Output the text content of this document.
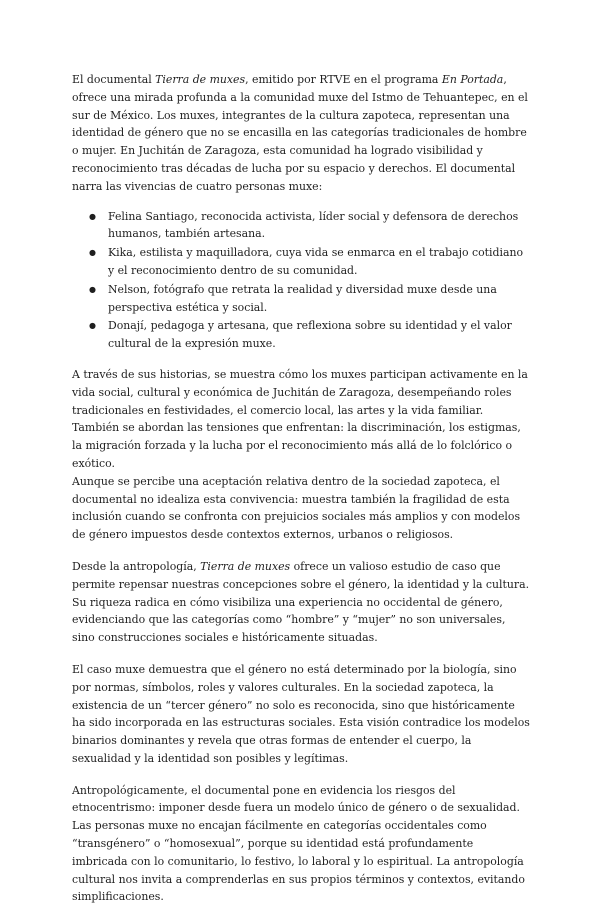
El documental Tierra de muxes, emitido por RTVE en el programa En Portada, ofrece una mirada profunda a la comunidad muxe del Istmo de Tehuantepec, en el sur de México. Los muxes, integrantes de la cultura zapoteca, representan una identidad de género que no se encasilla en las categorías tradicionales de hombre o mujer. En Juchitán de Zaragoza, esta comunidad ha logrado visibilidad y reconocimiento tras décadas de lucha por su espacio y derechos. El documental narra las vivencias de cuatro personas muxe:

● Felina Santiago, reconocida activista, líder social y defensora de derechos humanos, también artesana.
● Kika, estilista y maquilladora, cuya vida se enmarca en el trabajo cotidiano y el reconocimiento dentro de su comunidad.
● Nelson, fotógrafo que retrata la realidad y diversidad muxe desde una perspectiva estética y social.
● Donají, pedagoga y artesana, que reflexiona sobre su identidad y el valor cultural de la expresión muxe.

A través de sus historias, se muestra cómo los muxes participan activamente en la vida social, cultural y económica de Juchitán de Zaragoza, desempeñando roles tradicionales en festividades, el comercio local, las artes y la vida familiar. También se abordan las tensiones que enfrentan: la discriminación, los estigmas, la migración forzada y la lucha por el reconocimiento más allá de lo folclórico o exótico.

Aunque se percibe una aceptación relativa dentro de la sociedad zapoteca, el documental no idealiza esta convivencia: muestra también la fragilidad de esta inclusión cuando se confronta con prejuicios sociales más amplios y con modelos de género impuestos desde contextos externos, urbanos o religiosos.

Desde la antropología, Tierra de muxes ofrece un valioso estudio de caso que permite repensar nuestras concepciones sobre el género, la identidad y la cultura. Su riqueza radica en cómo visibiliza una experiencia no occidental de género, evidenciando que las categorías como “hombre” y “mujer” no son universales, sino construcciones sociales e históricamente situadas.

El caso muxe demuestra que el género no está determinado por la biología, sino por normas, símbolos, roles y valores culturales. En la sociedad zapoteca, la existencia de un “tercer género” no solo es reconocida, sino que históricamente ha sido incorporada en las estructuras sociales. Esta visión contradice los modelos binarios dominantes y revela que otras formas de entender el cuerpo, la sexualidad y la identidad son posibles y legítimas.

Antropológicamente, el documental pone en evidencia los riesgos del etnocentrismo: imponer desde fuera un modelo único de género o de sexualidad. Las personas muxe no encajan fácilmente en categorías occidentales como “transgénero” o “homosexual”, porque su identidad está profundamente imbricada con lo comunitario, lo festivo, lo laboral y lo espiritual. La antropología cultural nos invita a comprenderlas en sus propios términos y contextos, evitando simplificaciones.
